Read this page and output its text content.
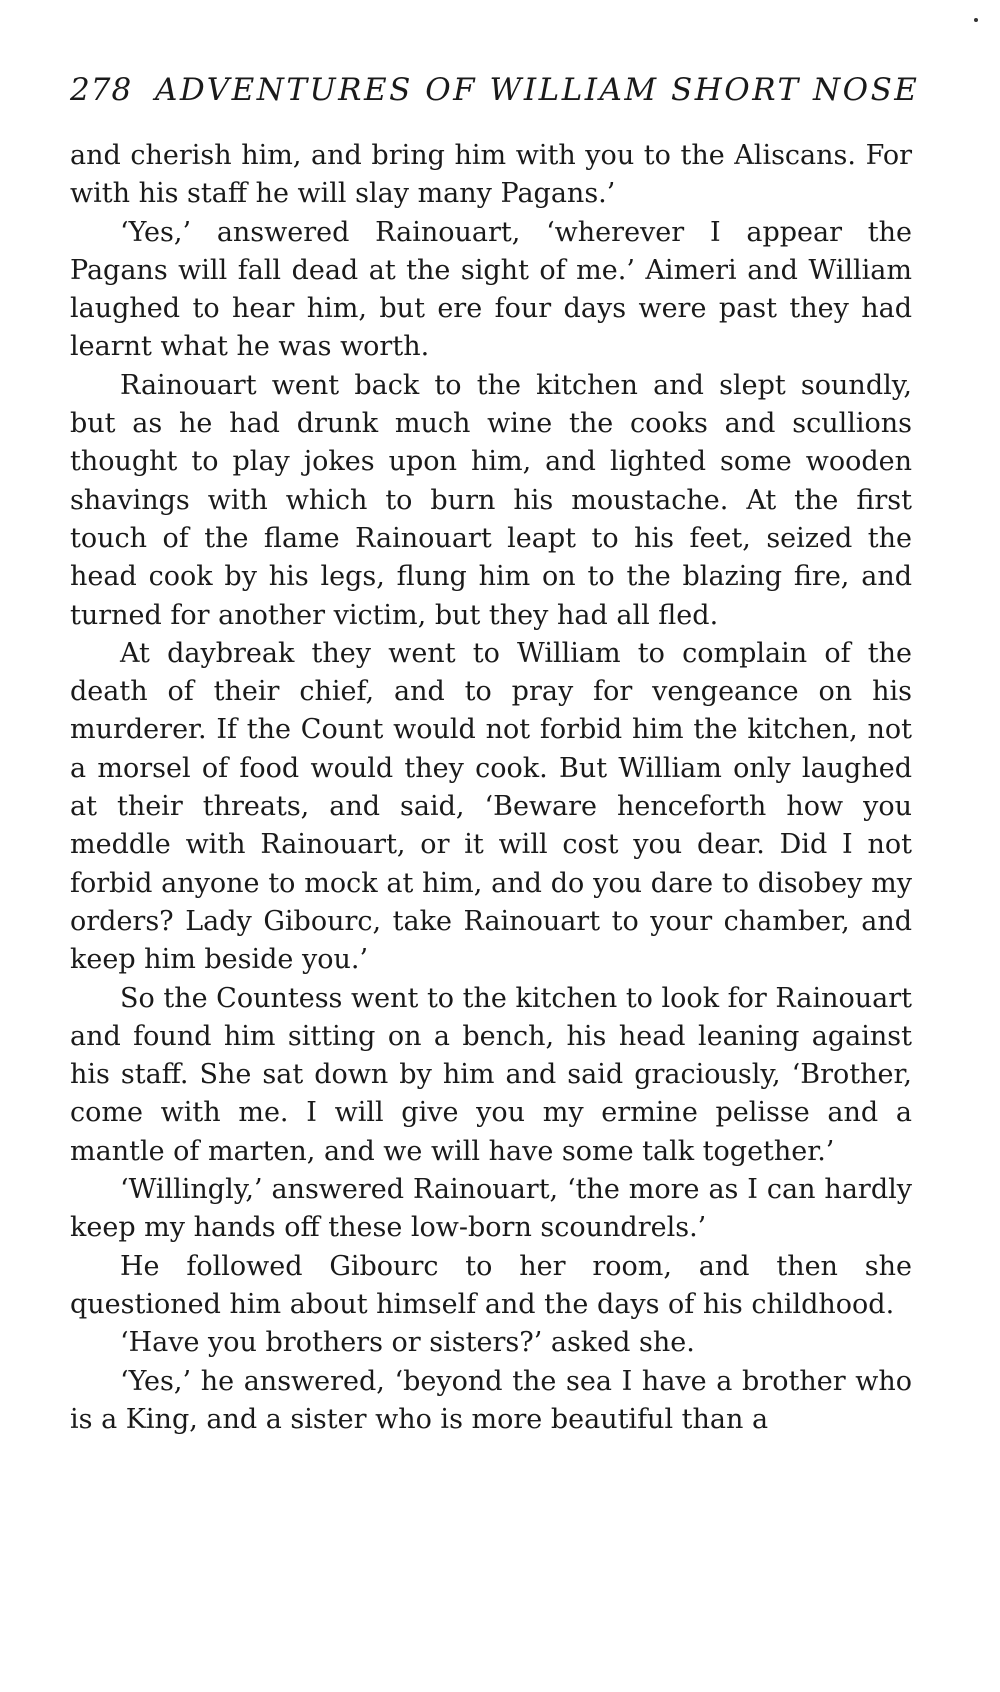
278 ADVENTURES OF WILLIAM SHORT NOSE

and cherish him, and bring him with you to the Aliscans. For with his staff he will slay many Pagans.’

‘Yes,’ answered Rainouart, ‘wherever I appear the Pagans will fall dead at the sight of me.’ Aimeri and William laughed to hear him, but ere four days were past they had learnt what he was worth.

Rainouart went back to the kitchen and slept soundly, but as he had drunk much wine the cooks and scullions thought to play jokes upon him, and lighted some wooden shavings with which to burn his moustache. At the first touch of the flame Rainouart leapt to his feet, seized the head cook by his legs, flung him on to the blazing fire, and turned for another victim, but they had all fled.

At daybreak they went to William to complain of the death of their chief, and to pray for vengeance on his murderer. If the Count would not forbid him the kitchen, not a morsel of food would they cook. But William only laughed at their threats, and said, ‘Beware henceforth how you meddle with Rainouart, or it will cost you dear. Did I not forbid anyone to mock at him, and do you dare to disobey my orders? Lady Gibourc, take Rainouart to your chamber, and keep him beside you.’

So the Countess went to the kitchen to look for Rainouart and found him sitting on a bench, his head leaning against his staff. She sat down by him and said graciously, ‘Brother, come with me. I will give you my ermine pelisse and a mantle of marten, and we will have some talk together.’

‘Willingly,’ answered Rainouart, ‘the more as I can hardly keep my hands off these low-born scoundrels.’

He followed Gibourc to her room, and then she questioned him about himself and the days of his childhood.

‘Have you brothers or sisters?’ asked she.

‘Yes,’ he answered, ‘beyond the sea I have a brother who is a King, and a sister who is more beautiful than a
